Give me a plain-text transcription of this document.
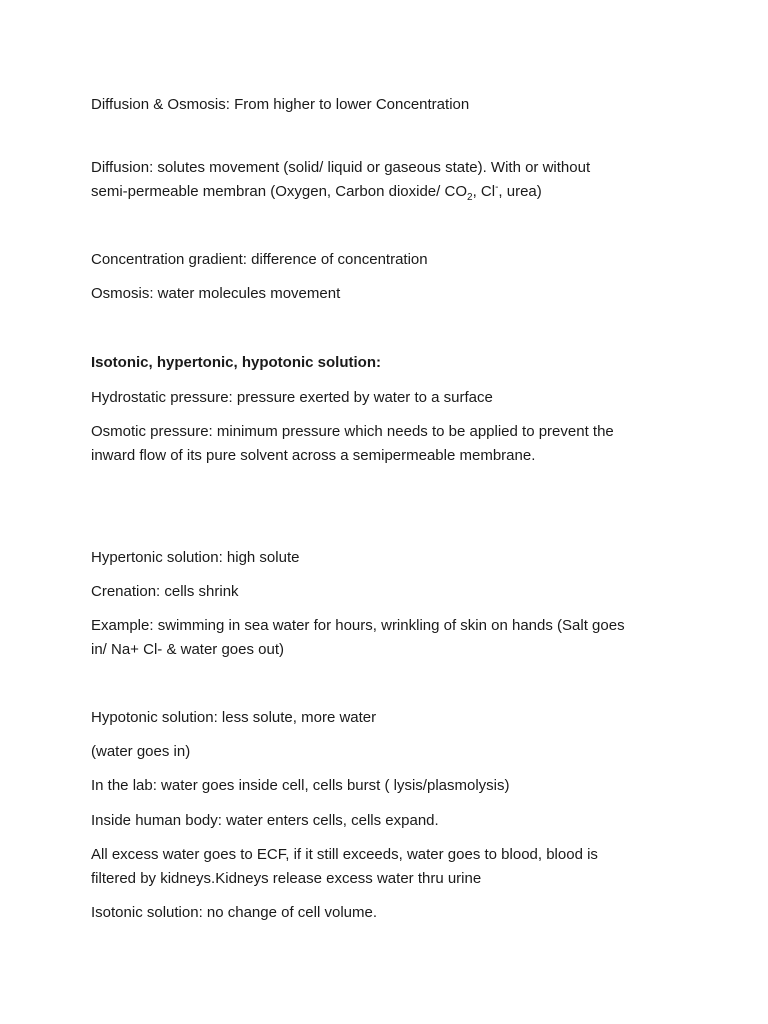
Diffusion & Osmosis: From higher to lower Concentration

Diffusion: solutes movement (solid/ liquid or gaseous state). With or without

semi-permeable membran (Oxygen, Carbon dioxide/ $CO_2$, Cl-, urea)

Concentration gradient: difference of concentration

Osmosis: water molecules movement

Isotonic, hypertonic, hypotonic solution:

Hydrostatic pressure: pressure exerted by water to a surface

Osmotic pressure: minimum pressure which needs to be applied to prevent the

inward flow of its pure solvent across a semipermeable membrane.

Hypertonic solution: high solute

Crenation: cells shrink

Example: swimming in sea water for hours, wrinkling of skin on hands (Salt goes

in/ Na+ Cl- & water goes out)

Hypotonic solution: less solute, more water

(water goes in)

In the lab: water goes inside cell, cells burst ( lysis/plasmolysis)

Inside human body: water enters cells, cells expand.

All excess water goes to ECF, if it still exceeds, water goes to blood, blood is

filtered by kidneys.Kidneys release excess water thru urine

Isotonic solution: no change of cell volume.
